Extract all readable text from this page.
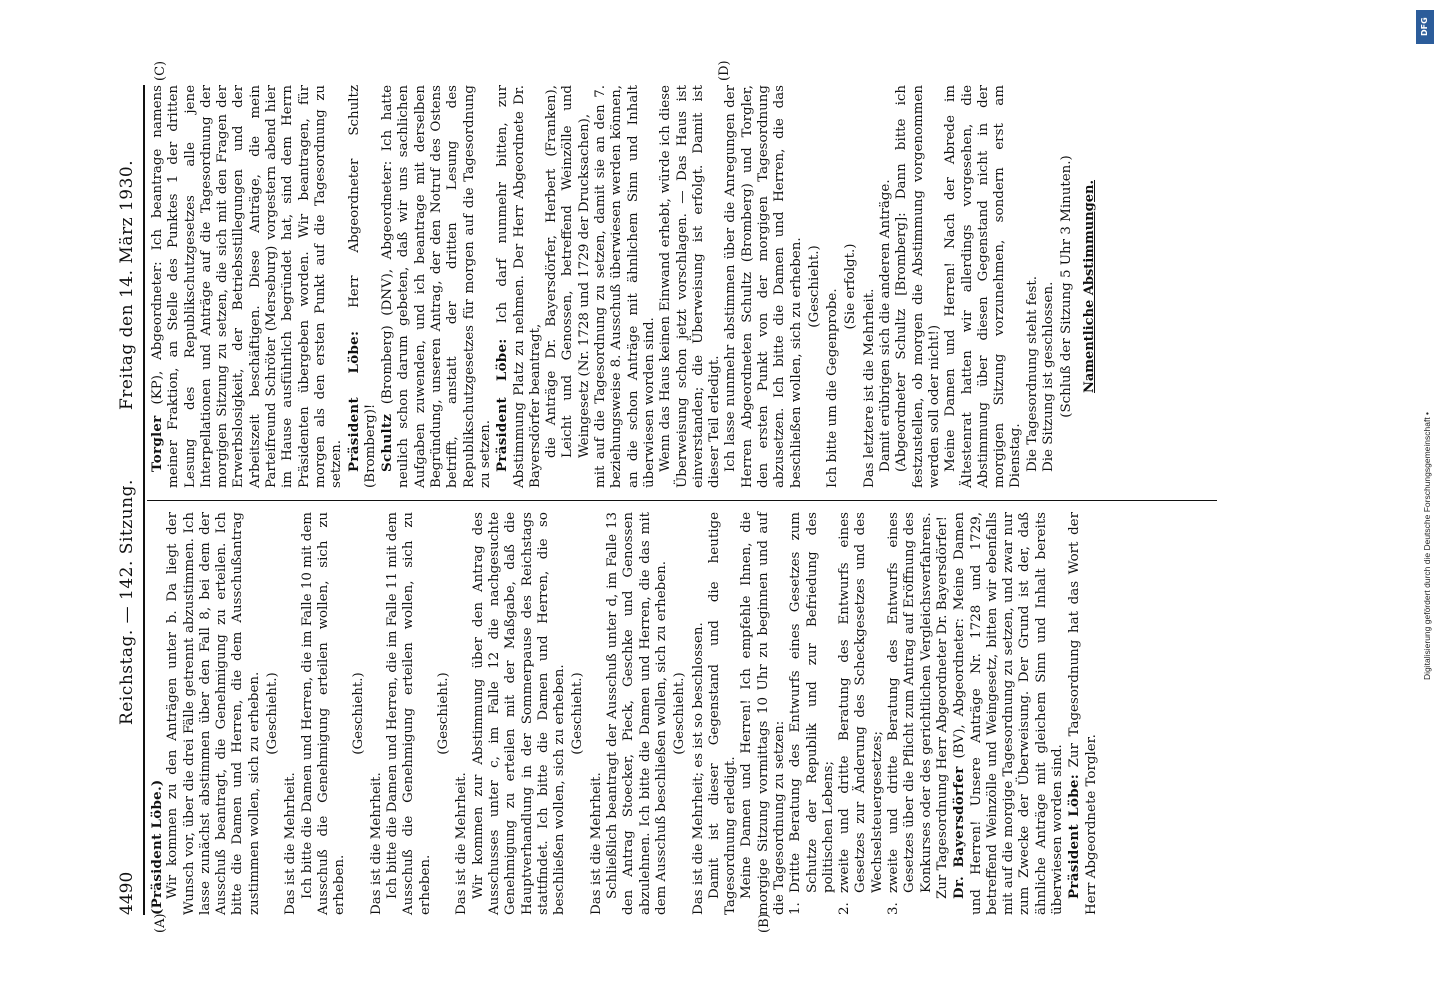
4490
Reichstag. — 142. Sitzung.
Freitag den 14. März 1930.
(A)	(B)
(C)	(D)

(Präsident Löbe.) Wir kommen zu den Anträgen unter b. Da liegt der Wunsch vor, über die drei Fälle getrennt abzustimmen. Ich lasse zunächst abstimmen über den Fall 8, bei dem der Ausschuß beantragt, die Genehmigung zu erteilen. Ich bitte die Damen und Herren, die dem Ausschußantrag zustimmen wollen, sich zu erheben. (Geschieht.)

Das ist die Mehrheit. Ich bitte die Damen und Herren, die im Falle 10 mit dem Ausschuß die Genehmigung erteilen wollen, sich zu erheben.

(Geschieht.)

Das ist die Mehrheit. Ich bitte die Damen und Herren, die im Falle 11 mit dem Ausschuß die Genehmigung erteilen wollen, sich zu erheben.

(Geschieht.)

Das ist die Mehrheit. Wir kommen zur Abstimmung über den Antrag des Ausschusses unter c, im Falle 12 die nachgesuchte Genehmigung zu erteilen mit der Maßgabe, daß die Hauptverhandlung in der Sommerpause des Reichstags stattfindet. Ich bitte die Damen und Herren, die so beschließen wollen, sich zu erheben. (Geschieht.)

Das ist die Mehrheit. Schließlich beantragt der Ausschuß unter d, im Falle 13 den Antrag Stoecker, Pieck, Geschke und Genossen abzulehnen. Ich bitte die Damen und Herren, die das mit dem Ausschuß beschließen wollen, sich zu erheben. (Geschieht.) Das ist die Mehrheit; es ist so beschlossen. Damit ist dieser Gegenstand und die heutige Tagesordnung erledigt. Meine Damen und Herren! Ich empfehle Ihnen, die morgige Sitzung vormittags 10 Uhr zu beginnen und auf die Tagesordnung zu setzen: 1.
Dritte Beratung des Entwurfs eines Gesetzes zum Schutze der Republik und zur Befriedung des politischen Lebens;

2.
zweite und dritte Beratung des Entwurfs eines Gesetzes zur Änderung des Scheckgesetzes und des Wechselsteuergesetzes;

3.
zweite und dritte Beratung des Entwurfs eines Gesetzes über die Pflicht zum Antrag auf Eröffnung des Konkurses oder des gerichtlichen Vergleichsverfahrens. Zur Tagesordnung Herr Abgeordneter Dr. Bayersdörfer! Dr. Bayersdörfer (BV), Abgeordneter: Meine Damen und Herren! Unsere Anträge Nr. 1728 und 1729, betreffend Weinzölle und Weingesetz, bitten wir ebenfalls mit auf die morgige Tagesordnung zu setzen, und zwar nur zum Zwecke der Überweisung. Der Grund ist der, daß ähnliche Anträge mit gleichem Sinn und Inhalt bereits überwiesen worden sind. Präsident Löbe: Zur Tagesordnung hat das Wort der Herr Abgeordnete Torgler.

Torgler (KP), Abgeordneter: Ich beantrage namens meiner Fraktion, an Stelle des Punktes 1 der dritten Lesung des Republikschutzgesetzes alle jene Interpellationen und Anträge auf die Tagesordnung der morgigen Sitzung zu setzen, die sich mit den Fragen der Erwerbslosigkeit, der Betriebsstillegungen und der Arbeitszeit beschäftigen. Diese Anträge, die mein Parteifreund Schröter (Merseburg) vorgestern abend hier im Hause ausführlich begründet hat, sind dem Herrn Präsidenten übergeben worden. Wir beantragen, für morgen als den ersten Punkt auf die Tagesordnung zu setzen. Präsident Löbe: Herr Abgeordneter Schultz (Bromberg)! Schultz (Bromberg) (DNV), Abgeordneter: Ich hatte neulich schon darum gebeten, daß wir uns sachlichen Aufgaben zuwenden, und ich beantrage mit derselben Begründung, unseren Antrag, der den Notruf des Ostens betrifft, anstatt der dritten Lesung des Republikschutzgesetzes für morgen auf die Tagesordnung zu setzen. Präsident Löbe: Ich darf nunmehr bitten, zur Abstimmung Platz zu nehmen. Der Herr Abgeordnete Dr. Bayersdörfer beantragt, die Anträge Dr. Bayersdörfer, Herbert (Franken), Leicht und Genossen, betreffend Weinzölle und Weingesetz (Nr. 1728 und 1729 der Drucksachen), mit auf die Tagesordnung zu setzen, damit sie an den 7. beziehungsweise 8. Ausschuß überwiesen werden können, an die schon Anträge mit ähnlichem Sinn und Inhalt überwiesen worden sind. Wenn das Haus keinen Einwand erhebt, würde ich diese Überweisung schon jetzt vorschlagen. — Das Haus ist einverstanden; die Überweisung ist erfolgt. Damit ist dieser Teil erledigt. Ich lasse nunmehr abstimmen über die Anregungen der Herren Abgeordneten Schultz (Bromberg) und Torgler, den ersten Punkt von der morgigen Tagesordnung abzusetzen. Ich bitte die Damen und Herren, die das beschließen wollen, sich zu erheben. (Geschieht.)

Ich bitte um die Gegenprobe.

(Sie erfolgt.)

Das letztere ist die Mehrheit. Damit erübrigen sich die anderen Anträge. (Abgeordneter Schultz [Bromberg]: Dann bitte ich festzustellen, ob morgen die Abstimmung vorgenommen werden soll oder nicht!) Meine Damen und Herren! Nach der Abrede im Ältestenrat hatten wir allerdings vorgesehen, die Abstimmung über diesen Gegenstand nicht in der morgigen Sitzung vorzunehmen, sondern erst am Dienstag. Die Tagesordnung steht fest. Die Sitzung ist geschlossen. (Schluß der Sitzung 5 Uhr 3 Minuten.) Namentliche Abstimmungen.
DFG
Digitalisierung gefördert durch die Deutsche Forschungsgemeinschaft •
